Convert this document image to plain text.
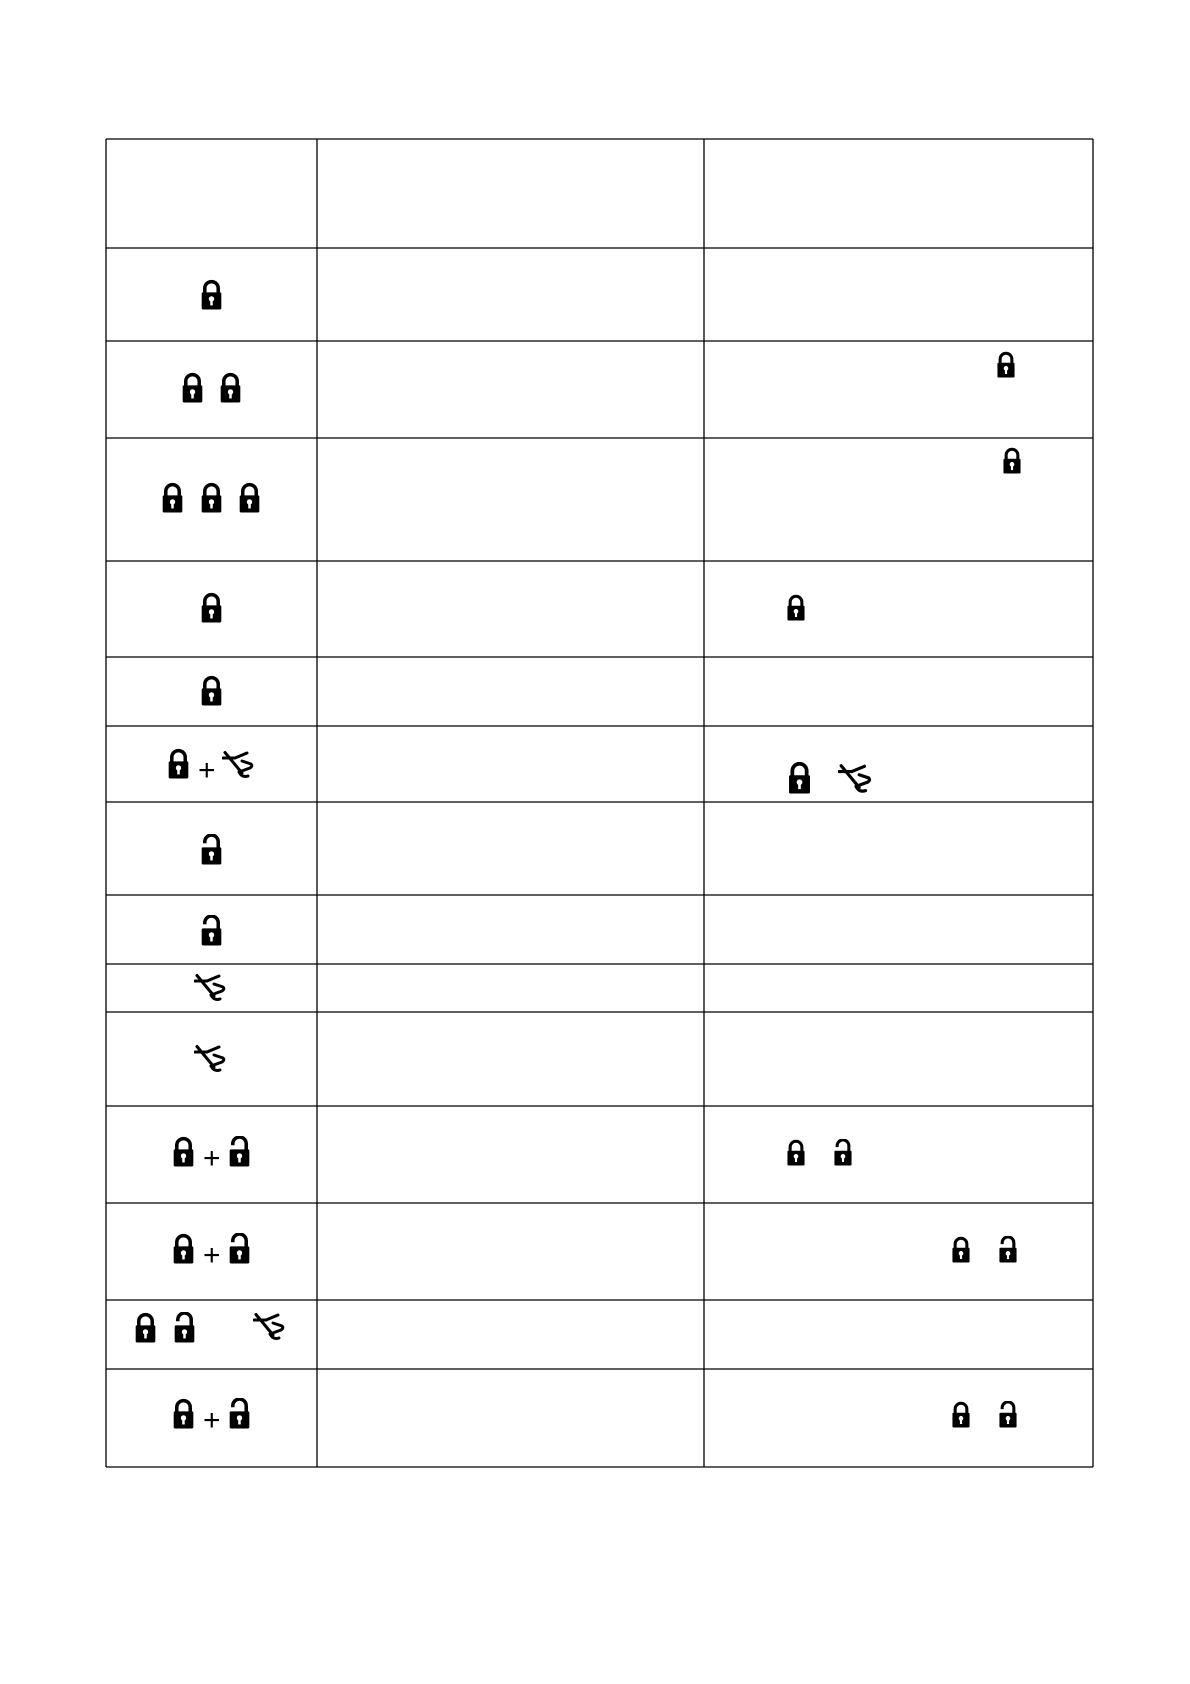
+
+
+
+
